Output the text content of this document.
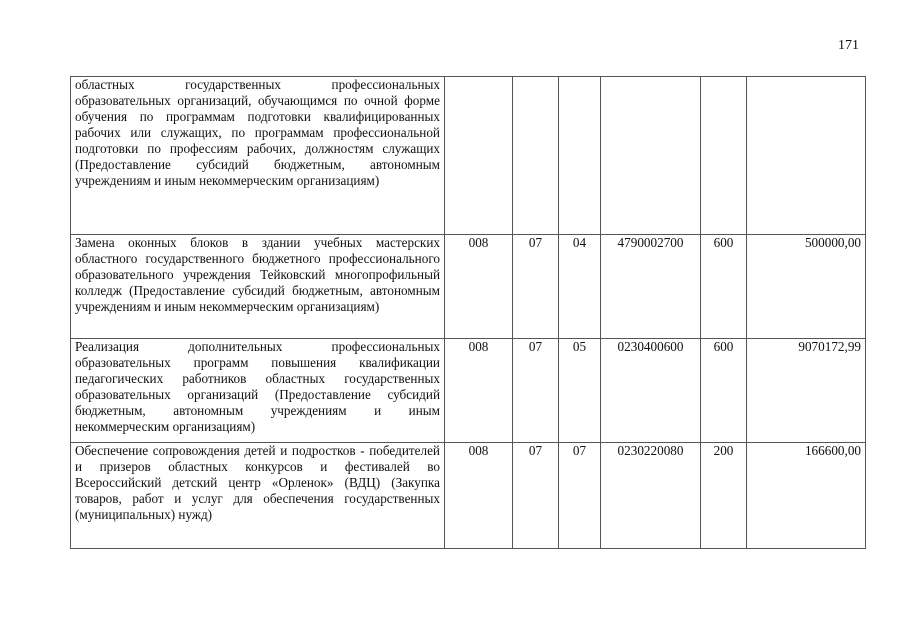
171
областных государственных профессиональных образовательных организаций, обучающимся по очной форме обучения по программам подготовки квалифицированных рабочих или служащих, по программам профессиональной подготовки по профессиям рабочих, должностям служащих (Предоставление субсидий бюджетным, автономным учреждениям и иным некоммерческим организациям)						
Замена оконных блоков в здании учебных мастерских областного государственного бюджетного профессионального образовательного учреждения Тейковский многопрофильный колледж (Предоставление субсидий бюджетным, автономным учреждениям и иным некоммерческим организациям)	008	07	04	4790002700	600	500000,00
Реализация дополнительных профессиональных образовательных программ повышения квалификации педагогических работников областных государственных образовательных организаций (Предоставление субсидий бюджетным, автономным учреждениям и иным некоммерческим организациям)	008	07	05	0230400600	600	9070172,99
Обеспечение сопровождения детей и подростков - победителей и призеров областных конкурсов и фестивалей во Всероссийский детский центр «Орленок» (ВДЦ) (Закупка товаров, работ и услуг для обеспечения государственных (муниципальных) нужд)	008	07	07	0230220080	200	166600,00
